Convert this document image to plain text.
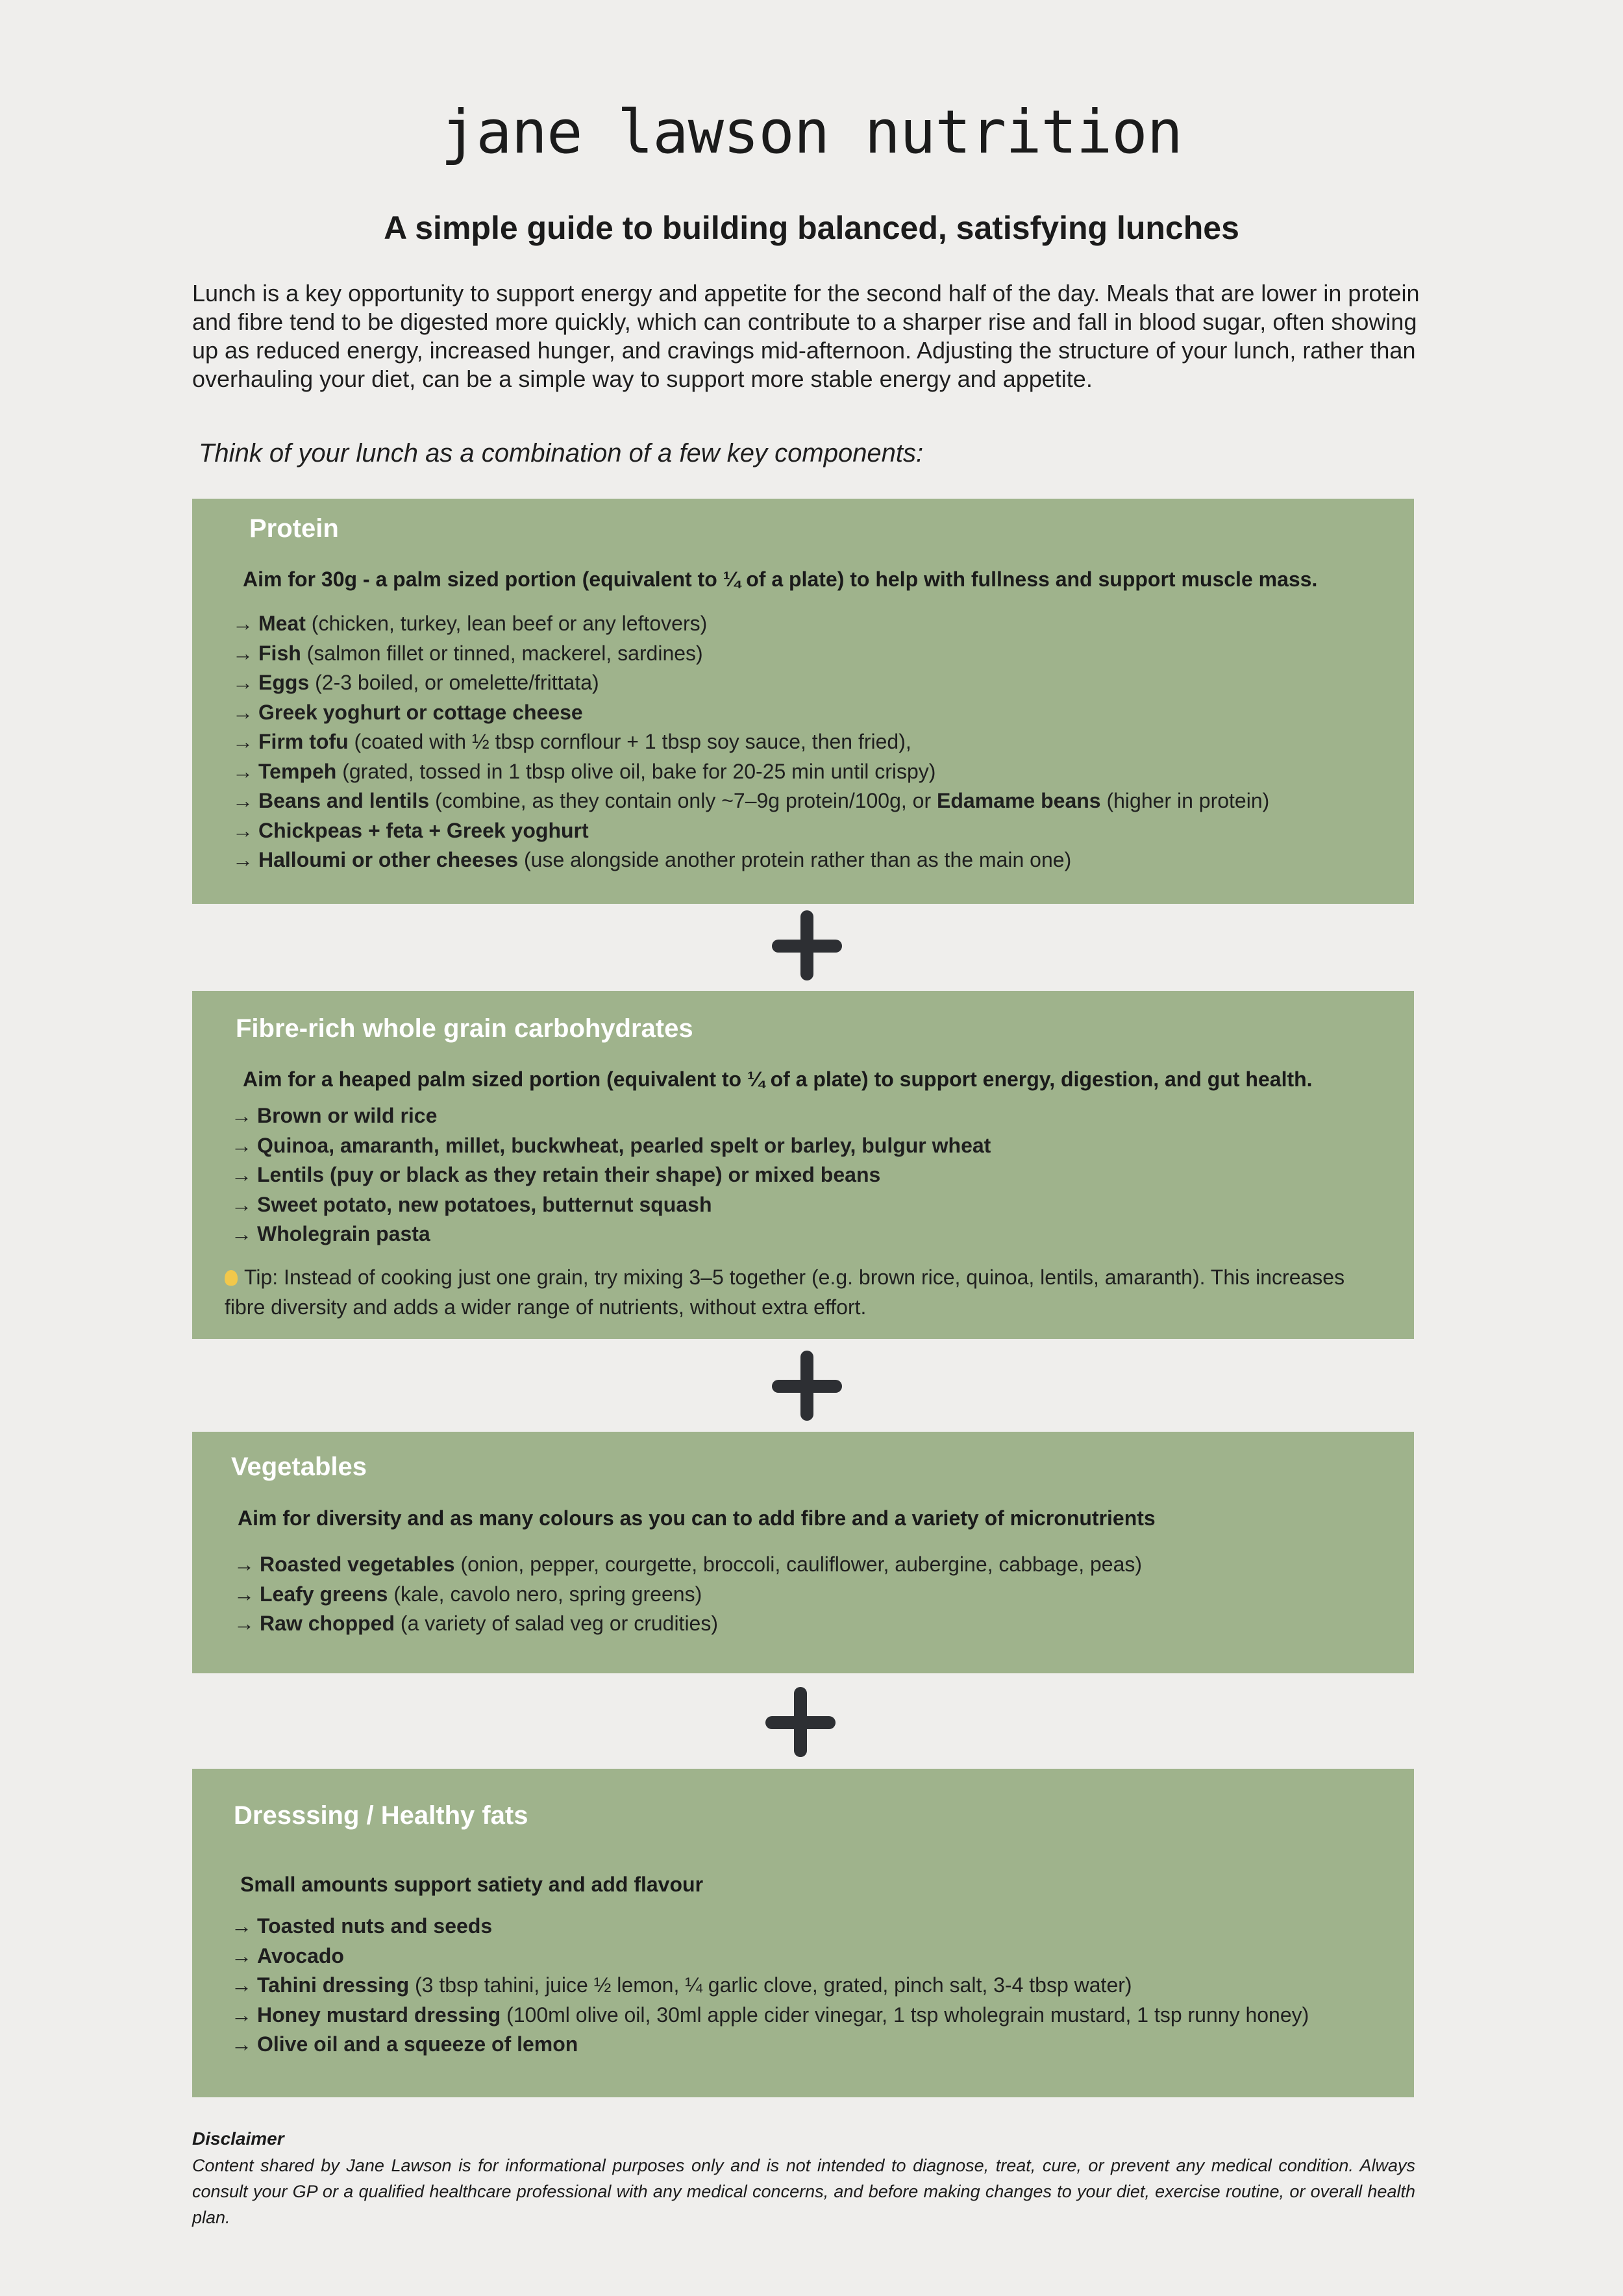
jane lawson nutrition
A simple guide to building balanced, satisfying lunches
Lunch is a key opportunity to support energy and appetite for the second half of the day. Meals that are lower in protein and fibre tend to be digested more quickly, which can contribute to a sharper rise and fall in blood sugar, often showing up as reduced energy, increased hunger, and cravings mid-afternoon. Adjusting the structure of your lunch, rather than overhauling your diet, can be a simple way to support more stable energy and appetite.
Think of your lunch as a combination of a few key components:
Protein
Aim for 30g - a palm sized portion (equivalent to ¼ of a plate) to help with fullness and support muscle mass.
→ Meat (chicken, turkey, lean beef or any leftovers)
→ Fish (salmon fillet or tinned, mackerel, sardines)
→ Eggs (2-3 boiled, or omelette/frittata)
→ Greek yoghurt or cottage cheese
→ Firm tofu (coated with ½ tbsp cornflour + 1 tbsp soy sauce, then fried),
→ Tempeh (grated, tossed in 1 tbsp olive oil, bake for 20-25 min until crispy)
→ Beans and lentils (combine, as they contain only ~7–9g protein/100g, or Edamame beans (higher in protein)
→ Chickpeas + feta + Greek yoghurt
→ Halloumi or other cheeses (use alongside another protein rather than as the main one)
Fibre-rich whole grain carbohydrates
Aim for a heaped palm sized portion (equivalent to ¼ of a plate) to support energy, digestion, and gut health.
→ Brown or wild rice
→ Quinoa, amaranth, millet, buckwheat, pearled spelt or barley, bulgur wheat
→ Lentils (puy or black as they retain their shape) or mixed beans
→ Sweet potato, new potatoes, butternut squash
→ Wholegrain pasta
Tip: Instead of cooking just one grain, try mixing 3–5 together (e.g. brown rice, quinoa, lentils, amaranth). This increases fibre diversity and adds a wider range of nutrients, without extra effort.
Vegetables
Aim for diversity and as many colours as you can to add fibre and a variety of micronutrients
→ Roasted vegetables (onion, pepper, courgette, broccoli, cauliflower, aubergine, cabbage, peas)
→ Leafy greens (kale, cavolo nero, spring greens)
→ Raw chopped (a variety of salad veg or crudities)
Dresssing / Healthy fats
Small amounts support satiety and add flavour
→ Toasted nuts and seeds
→ Avocado
→ Tahini dressing (3 tbsp tahini, juice ½ lemon, ¼ garlic clove, grated, pinch salt, 3-4 tbsp water)
→ Honey mustard dressing (100ml olive oil, 30ml apple cider vinegar, 1 tsp wholegrain mustard, 1 tsp runny honey)
→ Olive oil and a squeeze of lemon
Disclaimer
Content shared by Jane Lawson is for informational purposes only and is not intended to diagnose, treat, cure, or prevent any medical condition. Always consult your GP or a qualified healthcare professional with any medical concerns, and before making changes to your diet, exercise routine, or overall health plan.
